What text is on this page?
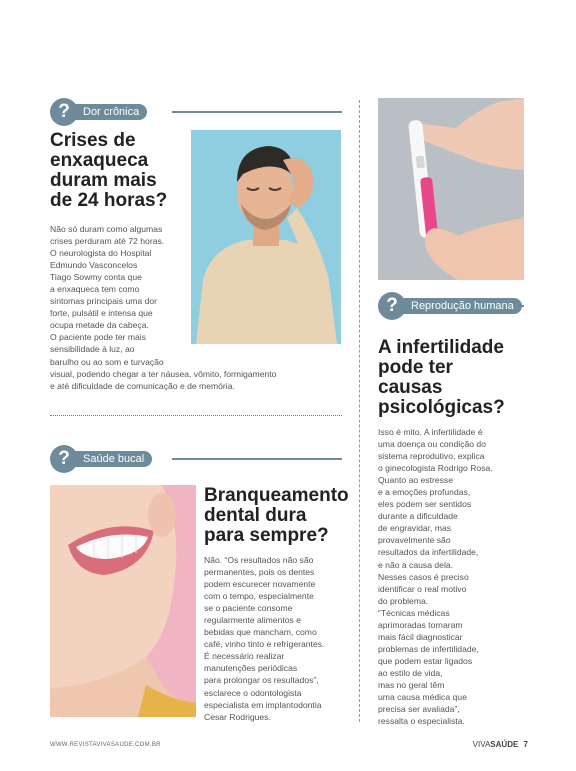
?	Dor crônica
Crises de
enxaqueca
duram mais
de 24 horas?
Não só duram como algumas
crises perduram até 72 horas.
O neurologista do Hospital
Edmundo Vasconcelos
Tiago Sowmy conta que
a enxaqueca tem como
sintomas principais uma dor
forte, pulsátil e intensa que
ocupa metade da cabeça.
O paciente pode ter mais
sensibilidade à luz, ao
barulho ou ao som e turvação
visual, podendo chegar a ter náusea, vômito, formigamento
e até dificuldade de comunicação e de memória.
?	Saúde bucal
Branqueamento
dental dura
para sempre?
Não. “Os resultados não são
permanentes, pois os dentes
podem escurecer novamente
com o tempo, especialmente
se o paciente consome
regularmente alimentos e
bebidas que mancham, como
café, vinho tinto e refrigerantes.
É necessário realizar
manutenções periódicas
para prolongar os resultados”,
esclarece o odontologista
especialista em implantodontia
Cesar Rodrigues.
?	Reprodução humana
A infertilidade
pode ter
causas
psicológicas?
Isso é mito. A infertilidade é
uma doença ou condição do
sistema reprodutivo, explica
o ginecologista Rodrigo Rosa.
Quanto ao estresse
e a emoções profundas,
eles podem ser sentidos
durante a dificuldade
de engravidar, mas
provavelmente são
resultados da infertilidade,
e não a causa dela.
Nesses casos é preciso
identificar o real motivo
do problema.
“Técnicas médicas
aprimoradas tornaram
mais fácil diagnosticar
problemas de infertilidade,
que podem estar ligados
ao estilo de vida,
mas no geral têm
uma causa médica que
precisa ser avaliada”,
ressalta o especialista.
WWW.REVISTAVIVASAUDE.COM.BR	VIVASAÚDE 7
